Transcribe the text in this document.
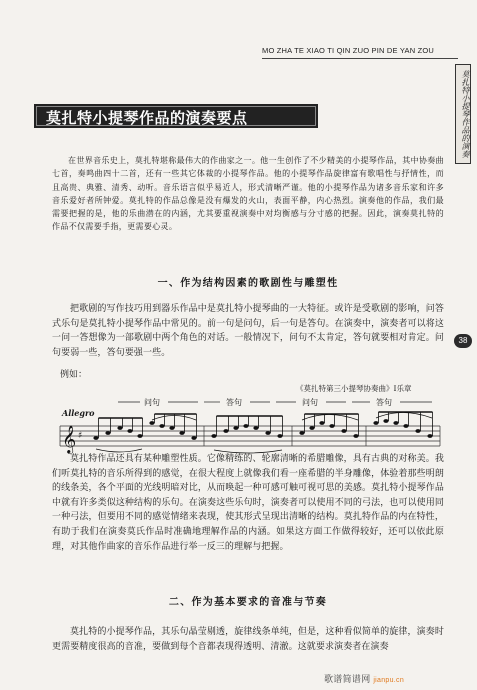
MO ZHA TE XIAO TI QIN ZUO PIN DE YAN ZOU
莫扎特小提琴作品的演奏
38
莫扎特小提琴作品的演奏要点
在世界音乐史上，莫扎特堪称最伟大的作曲家之一。他一生创作了不少精美的小提琴作品，其中协奏曲七首，奏鸣曲四十二首，还有一些其它体裁的小提琴作品。他的小提琴作品旋律富有歌唱性与抒情性，而且高贵、典雅、清秀、动听。音乐语言似乎易近人，形式清晰严谨。他的小提琴作品为诸多音乐家和许多音乐爱好者所钟爱。莫扎特的作品总像是没有爆发的火山，表面平静，内心热烈。演奏他的作品，我们最需要把握的是，他的乐曲潜在的内涵，尤其要重视演奏中对均衡感与分寸感的把握。因此，演奏莫扎特的作品不仅需要手指，更需要心灵。
一、作为结构因素的歌剧性与雕塑性
把歌剧的写作技巧用到器乐作品中是莫扎特小提琴曲的一大特征。或许是受歌剧的影响，问答式乐句是莫扎特小提琴作品中常见的。前一句是问句，后一句是答句。在演奏中，演奏者可以将这一问一答想像为一部歌剧中两个角色的对话。一般情况下，问句不太肯定，答句就要相对肯定。问句要弱一些，答句要强一些。
例如：
《莫扎特第三小提琴协奏曲》Ⅰ乐章
Allegro
问句	答句	问句	答句
𝄞 ♯
莫扎特作品还具有某种雕塑性质。它像精练的、轮廓清晰的希腊雕像，具有古典的对称美。我们听莫扎特的音乐所得到的感觉，在很大程度上就像我们看一座希腊的半身雕像，体验着那些明朗的线条美，各个平面的光线明暗对比，从而唤起一种可感可触可视可思的美感。莫扎特小提琴作品中就有许多类似这种结构的乐句。在演奏这些乐句时，演奏者可以使用不同的弓法，也可以使用同一种弓法，但要用不同的感觉情绪来表现，使其形式呈现出清晰的结构。莫扎特作品的内在特性，有助于我们在演奏莫氏作品时准确地理解作品的内涵。如果这方面工作做得较好，还可以依此原理，对其他作曲家的音乐作品进行举一反三的理解与把握。
二、作为基本要求的音准与节奏
莫扎特的小提琴作品，其乐句晶莹剔透，旋律线条单纯，但是，这种看似简单的旋律，演奏时更需要精度很高的音准，要做到每个音都表现得透明、清澈。这就要求演奏者在演奏
歌谱简谱网 jianpu.cn
